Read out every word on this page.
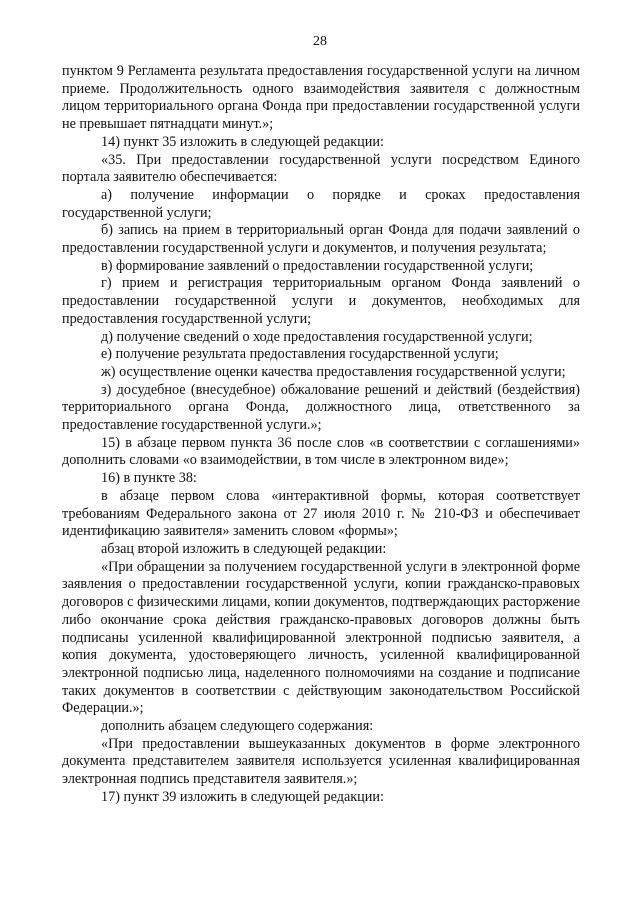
28

пунктом 9 Регламента результата предоставления государственной услуги на личном приеме. Продолжительность одного взаимодействия заявителя с должностным лицом территориального органа Фонда при предоставлении государственной услуги не превышает пятнадцати минут.»;

14) пункт 35 изложить в следующей редакции:

«35. При предоставлении государственной услуги посредством Единого портала заявителю обеспечивается:

а) получение информации о порядке и сроках предоставления государственной услуги;

б) запись на прием в территориальный орган Фонда для подачи заявлений о предоставлении государственной услуги и документов, и получения результата;

в) формирование заявлений о предоставлении государственной услуги;

г) прием и регистрация территориальным органом Фонда заявлений о предоставлении государственной услуги и документов, необходимых для предоставления государственной услуги;

д) получение сведений о ходе предоставления государственной услуги;

е) получение результата предоставления государственной услуги;

ж) осуществление оценки качества предоставления государственной услуги;

з) досудебное (внесудебное) обжалование решений и действий (бездействия) территориального органа Фонда, должностного лица, ответственного за предоставление государственной услуги.»;

15) в абзаце первом пункта 36 после слов «в соответствии с соглашениями» дополнить словами «о взаимодействии, в том числе в электронном виде»;

16) в пункте 38:

в абзаце первом слова «интерактивной формы, которая соответствует требованиям Федерального закона от 27 июля 2010 г. № 210-ФЗ и обеспечивает идентификацию заявителя» заменить словом «формы»;

абзац второй изложить в следующей редакции:

«При обращении за получением государственной услуги в электронной форме заявления о предоставлении государственной услуги, копии гражданско-правовых договоров с физическими лицами, копии документов, подтверждающих расторжение либо окончание срока действия гражданско-правовых договоров должны быть подписаны усиленной квалифицированной электронной подписью заявителя, а копия документа, удостоверяющего личность, усиленной квалифицированной электронной подписью лица, наделенного полномочиями на создание и подписание таких документов в соответствии с действующим законодательством Российской Федерации.»;

дополнить абзацем следующего содержания:

«При предоставлении вышеуказанных документов в форме электронного документа представителем заявителя используется усиленная квалифицированная электронная подпись представителя заявителя.»;

17) пункт 39 изложить в следующей редакции:
